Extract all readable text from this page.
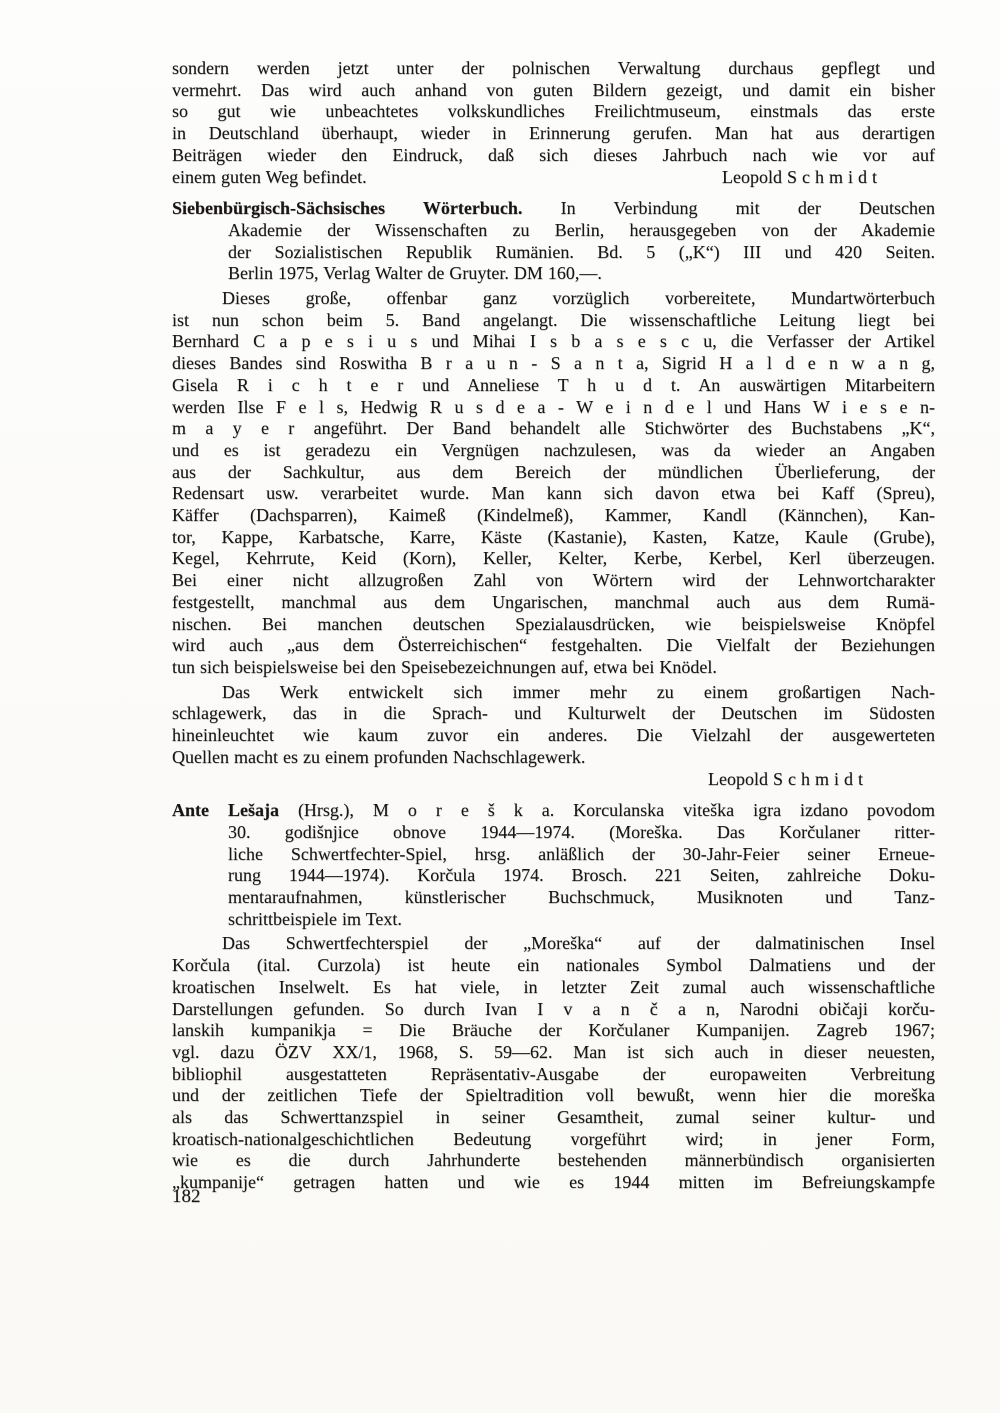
sondern werden jetzt unter der polnischen Verwaltung durchaus gepflegt und
vermehrt. Das wird auch anhand von guten Bildern gezeigt, und damit ein bisher
so gut wie unbeachtetes volkskundliches Freilichtmuseum, einstmals das erste
in Deutschland überhaupt, wieder in Erinnerung gerufen. Man hat aus derartigen
Beiträgen wieder den Eindruck, daß sich dieses Jahrbuch nach wie vor auf
einem guten Weg befindet.	Leopold S c h m i d t
Siebenbürgisch-Sächsisches Wörterbuch. In Verbindung mit der Deutschen
Akademie der Wissenschaften zu Berlin, herausgegeben von der Akademie
der Sozialistischen Republik Rumänien. Bd. 5 („K“) III und 420 Seiten.
Berlin 1975, Verlag Walter de Gruyter. DM 160,—.
Dieses große, offenbar ganz vorzüglich vorbereitete, Mundartwörterbuch
ist nun schon beim 5. Band angelangt. Die wissenschaftliche Leitung liegt bei
Bernhard C a p e s i u s und Mihai I s b a s e s c u, die Verfasser der Artikel
dieses Bandes sind Roswitha B r a u n - S a n t a, Sigrid H a l d e n w a n g,
Gisela R i c h t e r und Anneliese T h u d t. An auswärtigen Mitarbeitern
werden Ilse F e l s, Hedwig R u s d e a - W e i n d e l und Hans W i e s e n-
m a y e r angeführt. Der Band behandelt alle Stichwörter des Buchstabens „K“,
und es ist geradezu ein Vergnügen nachzulesen, was da wieder an Angaben
aus der Sachkultur, aus dem Bereich der mündlichen Überlieferung, der
Redensart usw. verarbeitet wurde. Man kann sich davon etwa bei Kaff (Spreu),
Käffer (Dachsparren), Kaimeß (Kindelmeß), Kammer, Kandl (Kännchen), Kan-
tor, Kappe, Karbatsche, Karre, Käste (Kastanie), Kasten, Katze, Kaule (Grube),
Kegel, Kehrrute, Keid (Korn), Keller, Kelter, Kerbe, Kerbel, Kerl überzeugen.
Bei einer nicht allzugroßen Zahl von Wörtern wird der Lehnwortcharakter
festgestellt, manchmal aus dem Ungarischen, manchmal auch aus dem Rumä-
nischen. Bei manchen deutschen Spezialausdrücken, wie beispielsweise Knöpfel
wird auch „aus dem Österreichischen“ festgehalten. Die Vielfalt der Beziehungen
tun sich beispielsweise bei den Speisebezeichnungen auf, etwa bei Knödel.
Das Werk entwickelt sich immer mehr zu einem großartigen Nach-
schlagewerk, das in die Sprach- und Kulturwelt der Deutschen im Südosten
hineinleuchtet wie kaum zuvor ein anderes. Die Vielzahl der ausgewerteten
Quellen macht es zu einem profunden Nachschlagewerk.
Leopold S c h m i d t
Ante Lešaja (Hrsg.), M o r e š k a. Korculanska viteška igra izdano povodom
30. godišnjice obnove 1944—1974. (Moreška. Das Korčulaner ritter-
liche Schwertfechter-Spiel, hrsg. anläßlich der 30-Jahr-Feier seiner Erneue-
rung 1944—1974). Korčula 1974. Brosch. 221 Seiten, zahlreiche Doku-
mentaraufnahmen, künstlerischer Buchschmuck, Musiknoten und Tanz-
schrittbeispiele im Text.
Das Schwertfechterspiel der „Moreška“ auf der dalmatinischen Insel
Korčula (ital. Curzola) ist heute ein nationales Symbol Dalmatiens und der
kroatischen Inselwelt. Es hat viele, in letzter Zeit zumal auch wissenschaftliche
Darstellungen gefunden. So durch Ivan I v a n č a n, Narodni običaji korču-
lanskih kumpanikja = Die Bräuche der Korčulaner Kumpanijen. Zagreb 1967;
vgl. dazu ÖZV XX/1, 1968, S. 59—62. Man ist sich auch in dieser neuesten,
bibliophil ausgestatteten Repräsentativ-Ausgabe der europaweiten Verbreitung
und der zeitlichen Tiefe der Spieltradition voll bewußt, wenn hier die moreška
als das Schwerttanzspiel in seiner Gesamtheit, zumal seiner kultur- und
kroatisch-nationalgeschichtlichen Bedeutung vorgeführt wird; in jener Form,
wie es die durch Jahrhunderte bestehenden männerbündisch organisierten
„kumpanije“ getragen hatten und wie es 1944 mitten im Befreiungskampfe
182
